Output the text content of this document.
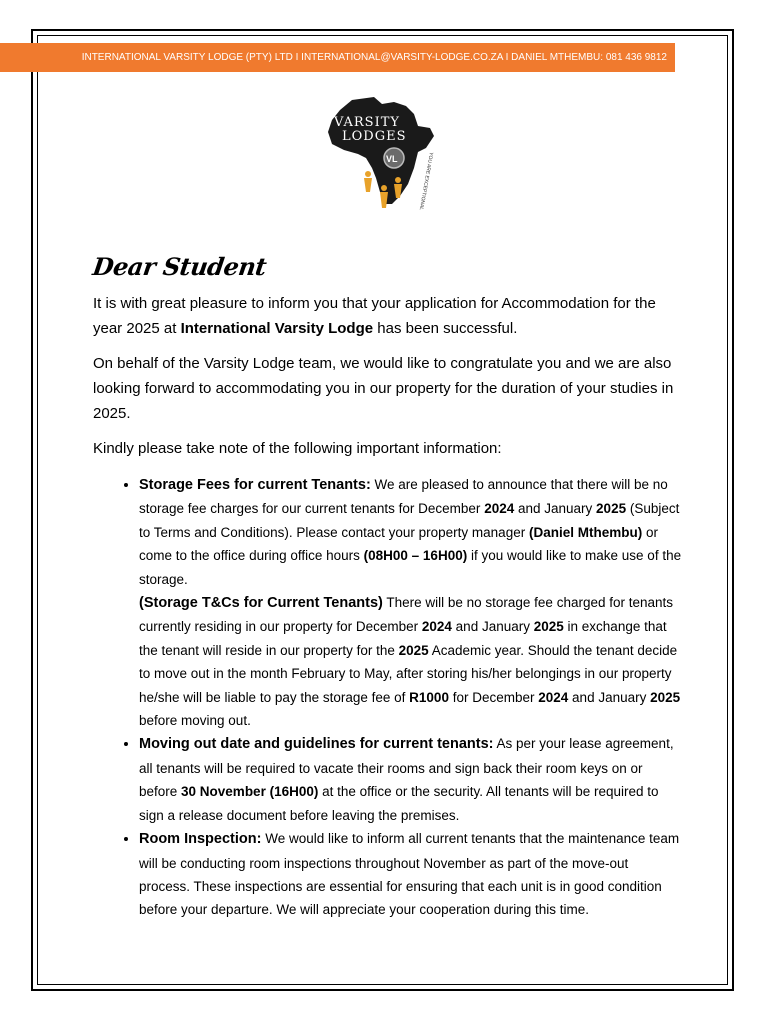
INTERNATIONAL VARSITY LODGE (PTY) LTD I INTERNATIONAL@VARSITY-LODGE.CO.ZA I DANIEL MTHEMBU: 081 436 9812
VARSITY
LODGES
VL	YOU ARE EXCEPTIONAL
Dear Student

It is with great pleasure to inform you that your application for Accommodation for the year 2025 at International Varsity Lodge has been successful.

On behalf of the Varsity Lodge team, we would like to congratulate you and we are also looking forward to accommodating you in our property for the duration of your studies in 2025.

Kindly please take note of the following important information:

• Storage Fees for current Tenants: We are pleased to announce that there will be no storage fee charges for our current tenants for December 2024 and January 2025 (Subject to Terms and Conditions). Please contact your property manager (Daniel Mthembu) or come to the office during office hours (08H00 – 16H00) if you would like to make use of the storage.
(Storage T&Cs for Current Tenants) There will be no storage fee charged for tenants currently residing in our property for December 2024 and January 2025 in exchange that the tenant will reside in our property for the 2025 Academic year. Should the tenant decide to move out in the month February to May, after storing his/her belongings in our property he/she will be liable to pay the storage fee of R1000 for December 2024 and January 2025 before moving out.
• Moving out date and guidelines for current tenants: As per your lease agreement, all tenants will be required to vacate their rooms and sign back their room keys on or before 30 November (16H00) at the office or the security. All tenants will be required to sign a release document before leaving the premises.
• Room Inspection: We would like to inform all current tenants that the maintenance team will be conducting room inspections throughout November as part of the move-out process. These inspections are essential for ensuring that each unit is in good condition before your departure. We will appreciate your cooperation during this time.
